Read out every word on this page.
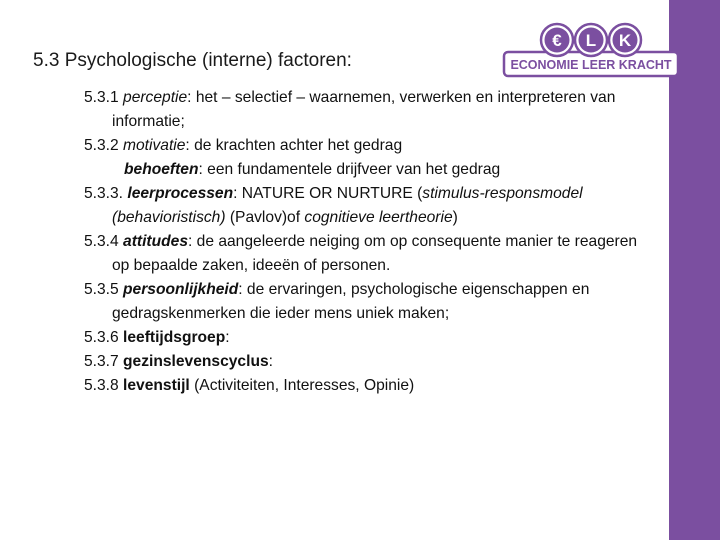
5.3 Psychologische (interne) factoren:
€ L K
ECONOMIE LEER KRACHT

5.3.1 perceptie: het – selectief – waarnemen, verwerken en interpreteren van informatie;

5.3.2 motivatie: de krachten achter het gedrag

behoeften: een fundamentele drijfveer van het gedrag

5.3.3. leerprocessen: NATURE OR NURTURE (stimulus-responsmodel (behavioristisch) (Pavlov)of cognitieve leertheorie)

5.3.4 attitudes: de aangeleerde neiging om op consequente manier te reageren op bepaalde zaken, ideeën of personen.

5.3.5 persoonlijkheid: de ervaringen, psychologische eigenschappen en gedragskenmerken die ieder mens uniek maken;

5.3.6 leeftijdsgroep:

5.3.7 gezinslevenscyclus:

5.3.8 levenstijl (Activiteiten, Interesses, Opinie)
